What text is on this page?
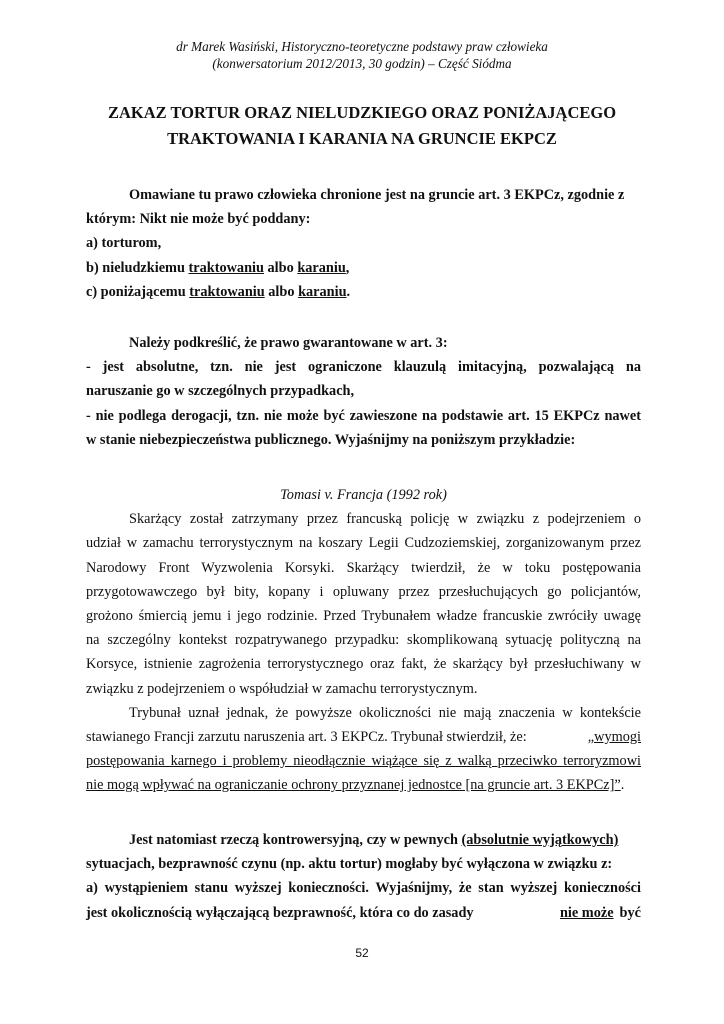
dr Marek Wasiński, Historyczno-teoretyczne podstawy praw człowieka
(konwersatorium 2012/2013, 30 godzin) – Część Siódma
ZAKAZ TORTUR ORAZ NIELUDZKIEGO ORAZ PONIŻAJĄCEGO
TRAKTOWANIA I KARANIA NA GRUNCIE EKPCZ
Omawiane tu prawo człowieka chronione jest na gruncie art. 3 EKPCz, zgodnie z
którym: Nikt nie może być poddany:
a) torturom,
b) nieludzkiemu traktowaniu albo karaniu,
c) poniżającemu traktowaniu albo karaniu.
Należy podkreślić, że prawo gwarantowane w art. 3:
- jest absolutne, tzn. nie jest ograniczone klauzulą imitacyjną, pozwalającą na
naruszanie go w szczególnych przypadkach,
- nie podlega derogacji, tzn. nie może być zawieszone na podstawie art. 15 EKPCz nawet
w stanie niebezpieczeństwa publicznego. Wyjaśnijmy na poniższym przykładzie:
Tomasi v. Francja (1992 rok)
Skarżący został zatrzymany przez francuską policję w związku z podejrzeniem o
udział w zamachu terrorystycznym na koszary Legii Cudzoziemskiej, zorganizowanym przez
Narodowy Front Wyzwolenia Korsyki. Skarżący twierdził, że w toku postępowania
przygotowawczego był bity, kopany i opluwany przez przesłuchujących go policjantów,
grożono śmiercią jemu i jego rodzinie. Przed Trybunałem władze francuskie zwróciły uwagę
na szczególny kontekst rozpatrywanego przypadku: skomplikowaną sytuację polityczną na
Korsyce, istnienie zagrożenia terrorystycznego oraz fakt, że skarżący był przesłuchiwany w
związku z podejrzeniem o współudział w zamachu terrorystycznym.
Trybunał uznał jednak, że powyższe okoliczności nie mają znaczenia w kontekście
stawianego Francji zarzutu naruszenia art. 3 EKPCz. Trybunał stwierdził, że:	„wymogi
postępowania karnego i problemy nieodłącznie wiążące się z walką przeciwko terroryzmowi
nie mogą wpływać na ograniczanie ochrony przyznanej jednostce [na gruncie art. 3 EKPCz]”.
Jest natomiast rzeczą kontrowersyjną, czy w pewnych (absolutnie wyjątkowych)
sytuacjach, bezprawność czynu (np. aktu tortur) mogłaby być wyłączona w związku z:
a) wystąpieniem stanu wyższej konieczności. Wyjaśnijmy, że stan wyższej konieczności
jest okolicznością wyłączającą bezprawność, która co do zasady	nie może być
52
